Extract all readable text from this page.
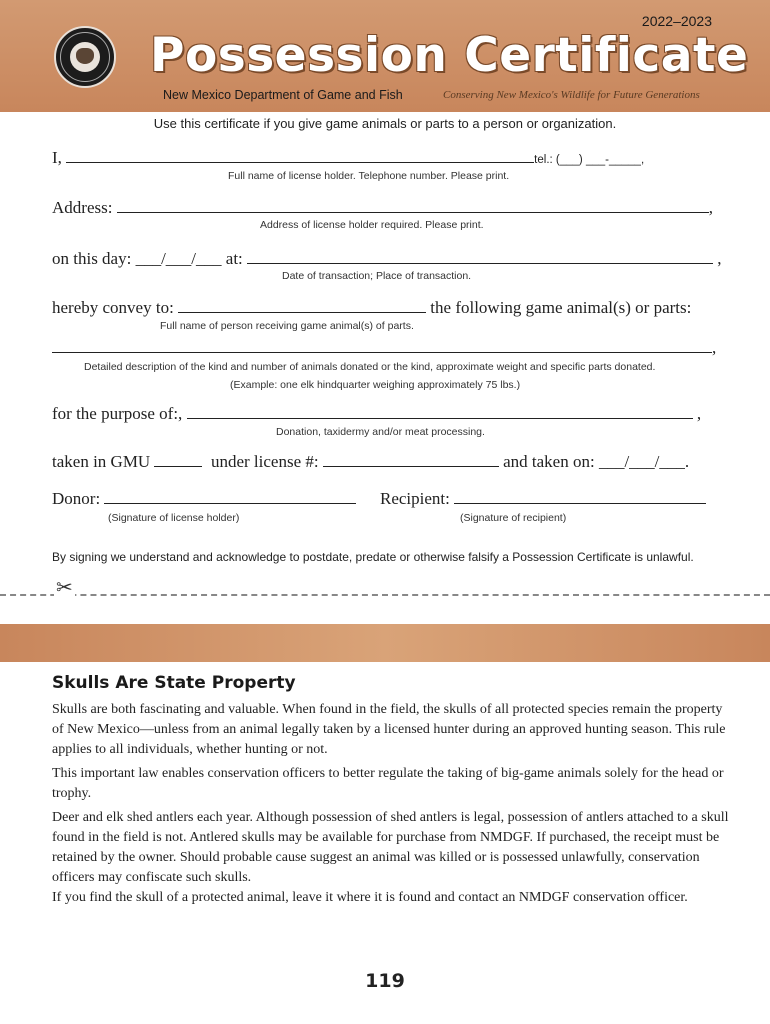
2022–2023
Possession Certificate
New Mexico Department of Game and Fish	Conserving New Mexico's Wildlife for Future Generations
Use this certificate if you give game animals or parts to a person or organization.
I,	tel.: (___) ___-_____,
Full name of license holder. Telephone number. Please print.
Address:	,
Address of license holder required. Please print.
on this day: ___/___/___ at:	,
Date of transaction; Place of transaction.
hereby convey to:	the following game animal(s) or parts:
Full name of person receiving game animal(s) of parts.
,
Detailed description of the kind and number of animals donated or the kind, approximate weight and specific parts donated.
(Example: one elk hindquarter weighing approximately 75 lbs.)
for the purpose of:,	,
Donation, taxidermy and/or meat processing.
taken in GMU	under license #:	and taken on: ___/___/___.
Donor:
(Signature of license holder)
Recipient:
(Signature of recipient)
By signing we understand and acknowledge to postdate, predate or otherwise falsify a Possession Certificate is unlawful.
✂
Skulls Are State Property

Skulls are both fascinating and valuable. When found in the field, the skulls of all protected species remain the property of New Mexico—unless from an animal legally taken by a licensed hunter during an approved hunting season. This rule applies to all individuals, whether hunting or not.

This important law enables conservation officers to better regulate the taking of big-game animals solely for the head or trophy.

Deer and elk shed antlers each year. Although possession of shed antlers is legal, possession of antlers attached to a skull found in the field is not. Antlered skulls may be available for purchase from NMDGF. If purchased, the receipt must be retained by the owner. Should probable cause suggest an animal was killed or is possessed unlawfully, conservation officers may confiscate such skulls.

If you find the skull of a protected animal, leave it where it is found and contact an NMDGF conservation officer.

119
